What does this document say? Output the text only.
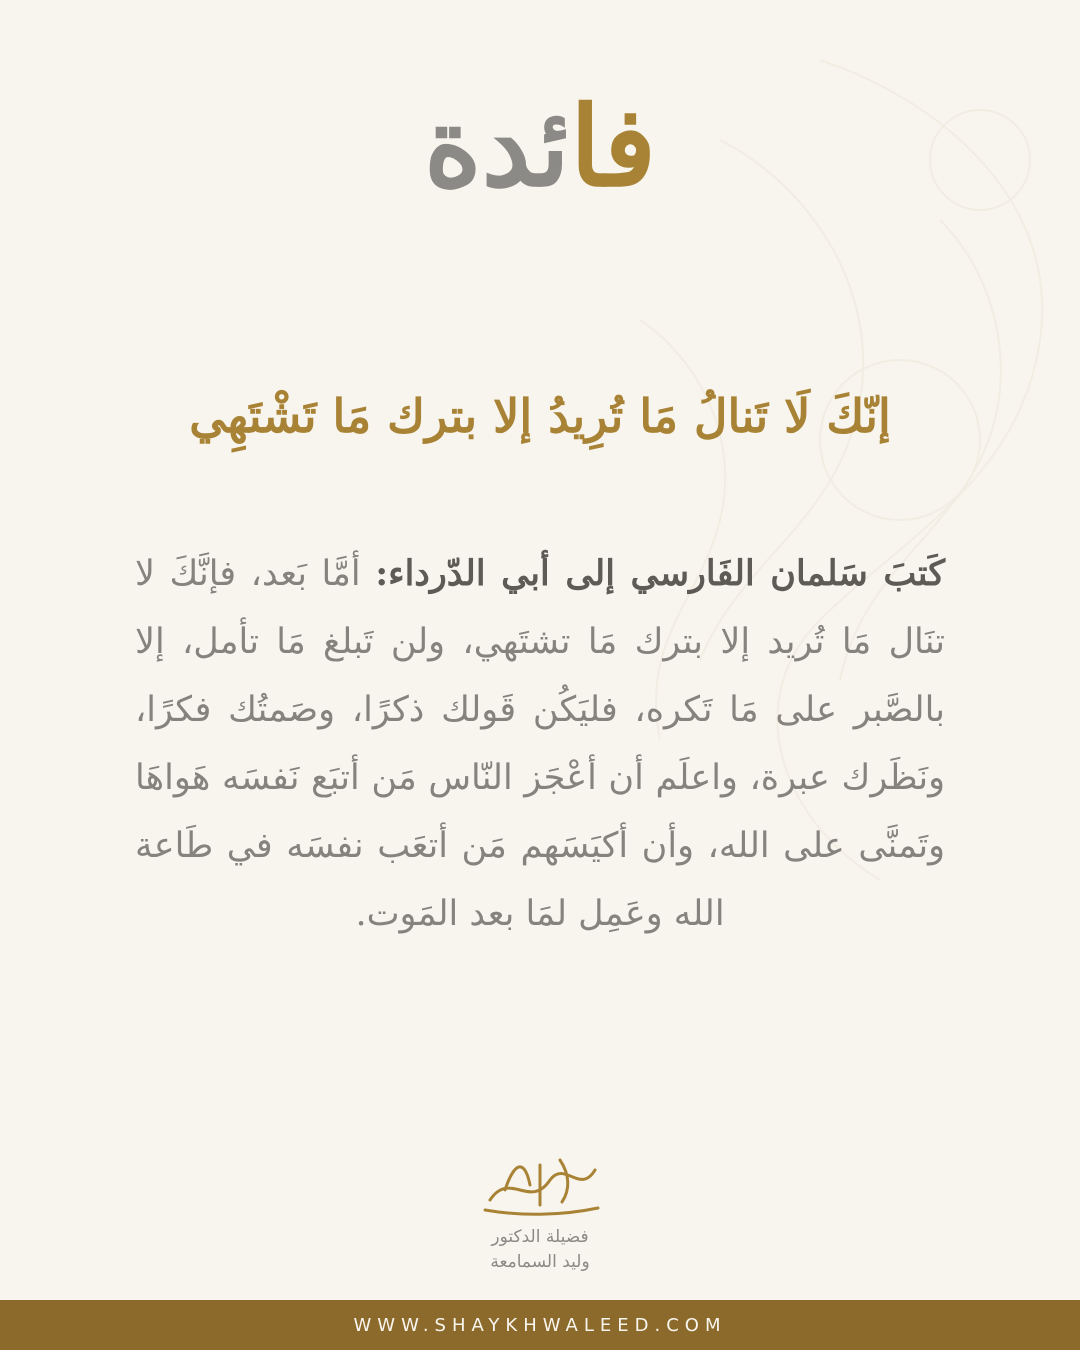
فائدة
إنّكَ لَا تَنالُ مَا تُرِيدُ إلا بترك مَا تَشْتَهِي
كَتبَ سَلمان الفَارسي إلى أبي الدّرداء: أمَّا بَعد، فإنَّكَ لا تنَال مَا تُريد إلا بترك مَا تشتَهي، ولن تَبلغ مَا تأمل، إلا بالصَّبر على مَا تَكره، فليَكُن قَولك ذكرًا، وصَمتُك فكرًا، ونَظَرك عبرة، واعلَم أن أعْجَز النّاس مَن أتبَع نَفسَه هَواهَا وتَمنَّى على الله، وأن أكيَسَهم مَن أتعَب نفسَه في طَاعة الله وعَمِل لمَا بعد المَوت.
فضيلة الدكتور
وليد السمامعة
WWW.SHAYKHWALEED.COM
